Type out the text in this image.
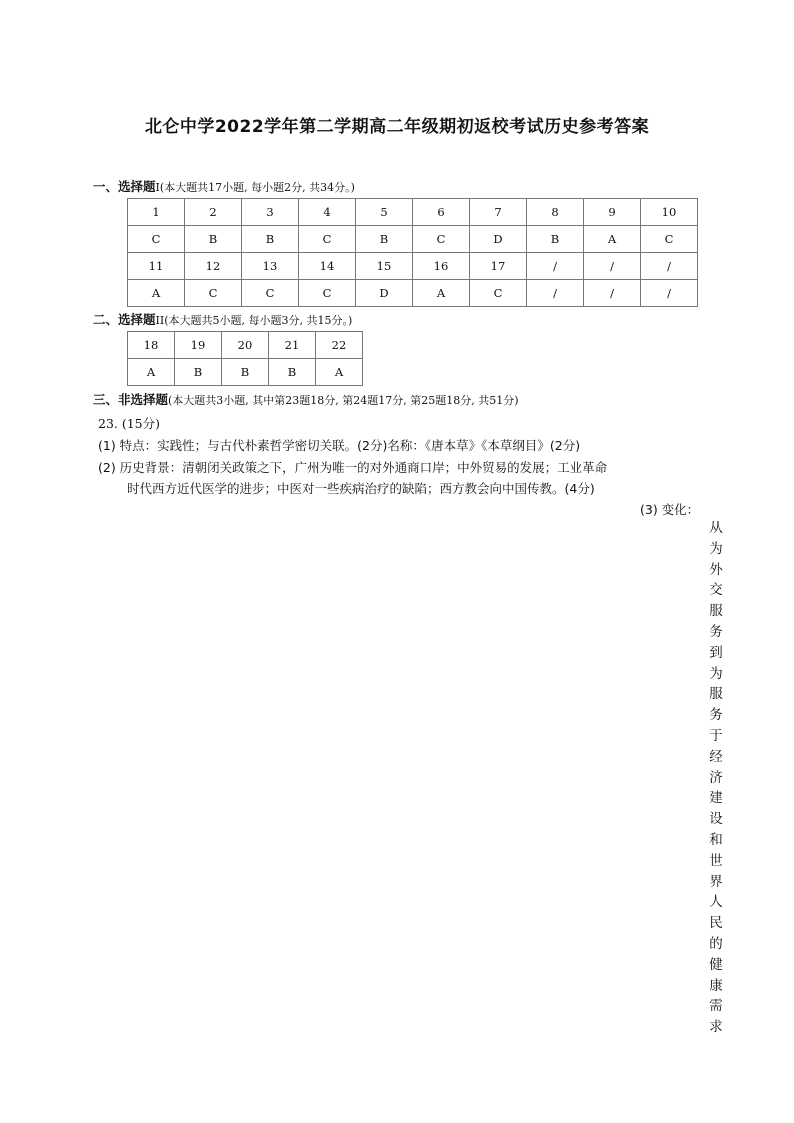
北仑中学2022学年第二学期高二年级期初返校考试历史参考答案
一、选择题I(本大题共17小题, 每小题2分, 共34分。)
1	2	3	4	5	6	7	8	9	10
C	B	B	C	B	C	D	B	A	C
11	12	13	14	15	16	17	/	/	/
A	C	C	C	D	A	C	/	/	/
二、选择题II(本大题共5小题, 每小题3分, 共15分。)
18	19	20	21	22
A	B	B	B	A
三、非选择题(本大题共3小题, 其中第23题18分, 第24题17分, 第25题18分, 共51分)
23. (15分)
(1) 特点：实践性；与古代朴素哲学密切关联。(2分)名称：《唐本草》《本草纲目》(2分)
(2) 历史背景：清朝闭关政策之下，广州为唯一的对外通商口岸；中外贸易的发展；工业革命
时代西方近代医学的进步；中医对一些疾病治疗的缺陷；西方教会向中国传教。(4分)
(3) 变化：
从
为
外
交
服
务
到
为
服
务
于
经
济
建
设
和
世
界
人
民
的
健
康
需
求
